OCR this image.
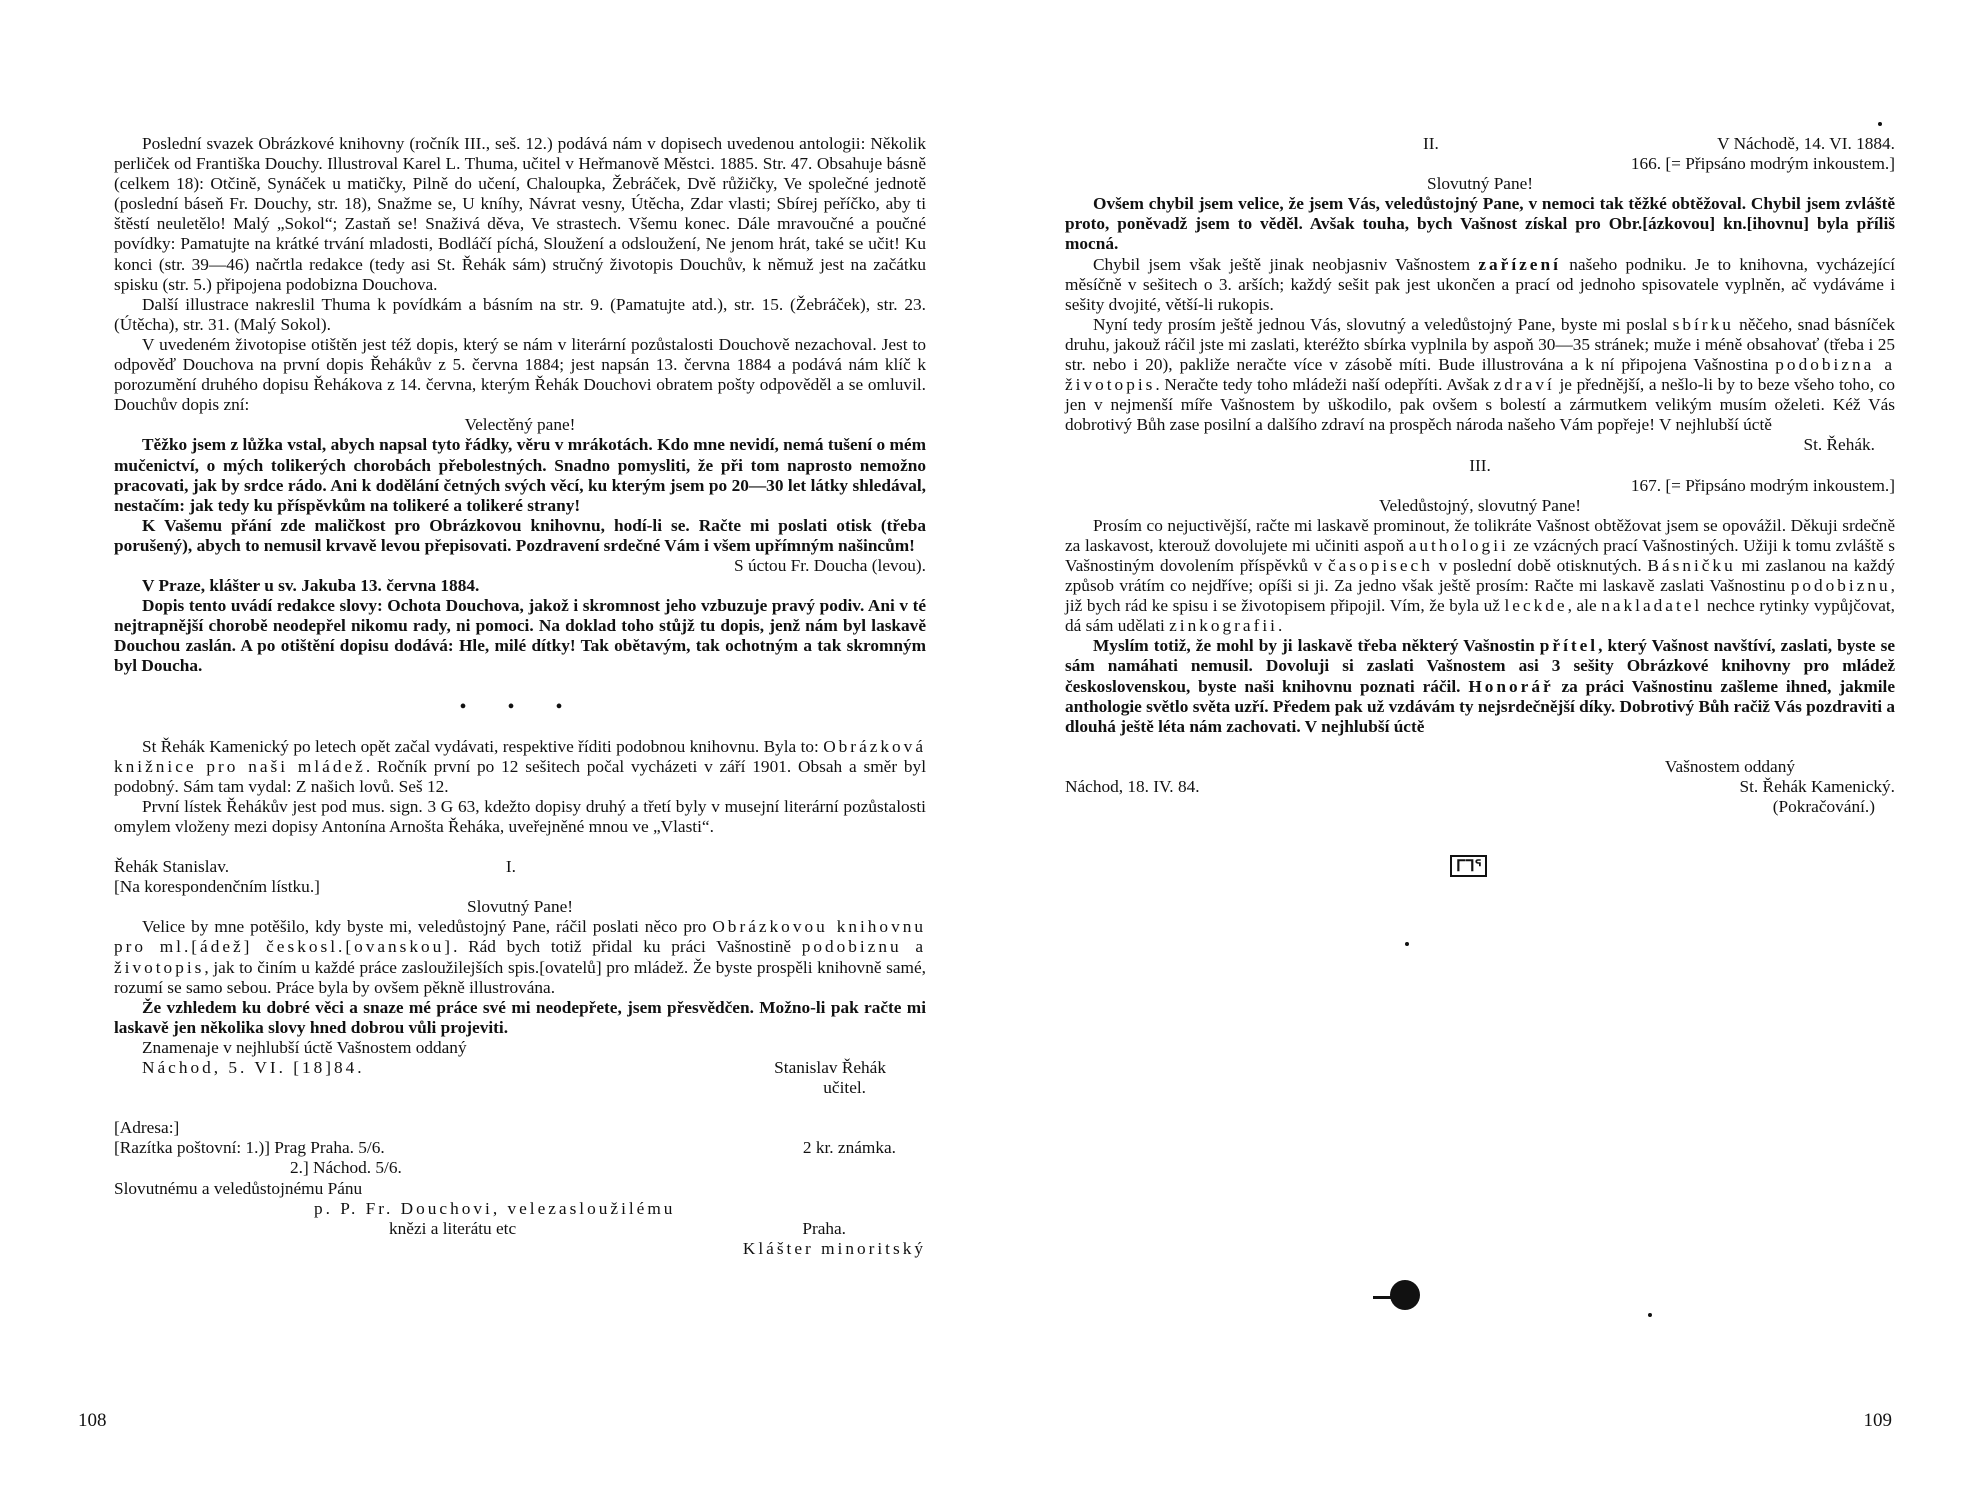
Poslední svazek Obrázkové knihovny (ročník III., seš. 12.) podává nám v dopisech uvedenou antologii: Několik perliček od Františka Douchy. Illustroval Karel L. Thuma, učitel v Heřmanově Městci. 1885. Str. 47. Obsahuje básně (celkem 18): Otčině, Synáček u matičky, Pilně do učení, Chaloupka, Žebráček, Dvě růžičky, Ve společné jednotě (poslední báseň Fr. Douchy, str. 18), Snažme se, U kníhy, Návrat vesny, Útěcha, Zdar vlasti; Sbírej peříčko, aby ti štěstí neuletělo! Malý „Sokol“; Zastaň se! Snaživá děva, Ve strastech. Všemu konec. Dále mravoučné a poučné povídky: Pamatujte na krátké trvání mladosti, Bodláčí píchá, Sloužení a odsloužení, Ne jenom hrát, také se učit! Ku konci (str. 39—46) načrtla redakce (tedy asi St. Řehák sám) stručný životopis Douchův, k němuž jest na začátku spisku (str. 5.) připojena podobizna Douchova.

Další illustrace nakreslil Thuma k povídkám a básním na str. 9. (Pamatujte atd.), str. 15. (Žebráček), str. 23. (Útěcha), str. 31. (Malý Sokol).

V uvedeném životopise otištěn jest též dopis, který se nám v literární pozůstalosti Douchově nezachoval. Jest to odpověď Douchova na první dopis Řehákův z 5. června 1884; jest napsán 13. června 1884 a podává nám klíč k porozumění druhého dopisu Řehákova z 14. června, kterým Řehák Douchovi obratem pošty odpověděl a se omluvil. Douchův dopis zní:

Velectěný pane!

Těžko jsem z lůžka vstal, abych napsal tyto řádky, věru v mrákotách. Kdo mne nevidí, nemá tušení o mém mučenictví, o mých tolikerých chorobách přebolestných. Snadno pomysliti, že při tom naprosto nemožno pracovati, jak by srdce rádo. Ani k dodělání četných svých věcí, ku kterým jsem po 20—30 let látky shledával, nestačím: jak tedy ku příspěvkům na tolikeré a tolikeré strany!

K Vašemu přání zde maličkost pro Obrázkovou knihovnu, hodí-li se. Račte mi poslati otisk (třeba porušený), abych to nemusil krvavě levou přepisovati. Pozdravení srdečné Vám i všem upřímným našincům!

S úctou Fr. Doucha (levou).

V Praze, klášter u sv. Jakuba 13. června 1884.

Dopis tento uvádí redakce slovy: Ochota Douchova, jakož i skromnost jeho vzbuzuje pravý podiv. Ani v té nejtrapnější chorobě neodepřel nikomu rady, ni pomoci. Na doklad toho stůjž tu dopis, jenž nám byl laskavě Douchou zaslán. A po otištění dopisu dodává: Hle, milé dítky! Tak obětavým, tak ochotným a tak skromným byl Doucha.

• • •

St Řehák Kamenický po letech opět začal vydávati, respektive říditi podobnou knihovnu. Byla to: Obrázková knižnice pro naši mládež. Ročník první po 12 sešitech počal vycházeti v září 1901. Obsah a směr byl podobný. Sám tam vydal: Z našich lovů. Seš 12.

První lístek Řehákův jest pod mus. sign. 3 G 63, kdežto dopisy druhý a třetí byly v musejní literární pozůstalosti omylem vloženy mezi dopisy Antonína Arnošta Řeháka, uveřejněné mnou ve „Vlasti“.

Řehák Stanislav.	I.

[Na korespondenčním lístku.]

Slovutný Pane!

Velice by mne potěšilo, kdy byste mi, veledůstojný Pane, ráčil poslati něco pro Obrázkovou knihovnu pro ml.[ádež] českosl.[ovanskou]. Rád bych totiž přidal ku práci Vašnostině podobiznu a životopis, jak to činím u každé práce zasloužilejších spis.[ovatelů] pro mládež. Že byste prospěli knihovně samé, rozumí se samo sebou. Práce byla by ovšem pěkně illustrována.

Že vzhledem ku dobré věci a snaze mé práce své mi neodepřete, jsem přesvědčen. Možno-li pak račte mi laskavě jen několika slovy hned dobrou vůli projeviti.

Znamenaje v nejhlubší úctě Vašnostem oddaný

Náchod, 5. VI. [18]84.	Stanislav Řehák

učitel.

[Adresa:]

[Razítka poštovní: 1.)] Prag Praha. 5/6.	2 kr. známka.

2.] Náchod. 5/6.

Slovutnému a veledůstojnému Pánu

p. P. Fr. Douchovi, velezasloužilému

knězi a literátu etc	Praha.

Klášter minoritský

108
II.	V Náchodě, 14. VI. 1884.

166. [= Připsáno modrým inkoustem.]

Slovutný Pane!

Ovšem chybil jsem velice, že jsem Vás, veledůstojný Pane, v nemoci tak těžké obtěžoval. Chybil jsem zvláště proto, poněvadž jsem to věděl. Avšak touha, bych Vašnost získal pro Obr.[ázkovou] kn.[ihovnu] byla příliš mocná.

Chybil jsem však ještě jinak neobjasniv Vašnostem zařízení našeho podniku. Je to knihovna, vycházející měsíčně v sešitech o 3. arších; každý sešit pak jest ukončen a prací od jednoho spisovatele vyplněn, ač vydáváme i sešity dvojité, větší-li rukopis.

Nyní tedy prosím ještě jednou Vás, slovutný a veledůstojný Pane, byste mi poslal sbírku něčeho, snad básníček druhu, jakouž ráčil jste mi zaslati, kteréžto sbírka vyplnila by aspoň 30—35 stránek; muže i méně obsahovať (třeba i 25 str. nebo i 20), pakliže neračte více v zásobě míti. Bude illustrována a k ní připojena Vašnostina podobizna a životopis. Neračte tedy toho mládeži naší odepříti. Avšak zdraví je přednější, a nešlo-li by to beze všeho toho, co jen v nejmenší míře Vašnostem by uškodilo, pak ovšem s bolestí a zármutkem velikým musím oželeti. Kéž Vás dobrotivý Bůh zase posilní a dalšího zdraví na prospěch národa našeho Vám popřeje! V nejhlubší úctě

St. Řehák.

III.

167. [= Připsáno modrým inkoustem.]

Veledůstojný, slovutný Pane!

Prosím co nejuctivější, račte mi laskavě prominout, že tolikráte Vašnost obtěžovat jsem se opovážil. Děkuji srdečně za laskavost, kterouž dovolujete mi učiniti aspoň authologii ze vzácných prací Vašnostiných. Užiji k tomu zvláště s Vašnostiným dovolením příspěvků v časopisech v poslední době otisknutých. Básničku mi zaslanou na každý způsob vrátím co nejdříve; opíši si ji. Za jedno však ještě prosím: Račte mi laskavě zaslati Vašnostinu podobiznu, již bych rád ke spisu i se životopisem připojil. Vím, že byla už leckde, ale nakladatel nechce rytinky vypůjčovat, dá sám udělati zinkografii.

Myslím totiž, že mohl by ji laskavě třeba některý Vašnostin přítel, který Vašnost navštíví, zaslati, byste se sám namáhati nemusil. Dovoluji si zaslati Vašnostem asi 3 sešity Obrázkové knihovny pro mládež československou, byste naši knihovnu poznati ráčil. Honorář za práci Vašnostinu zašleme ihned, jakmile anthologie světlo světa uzří. Předem pak už vzdávám ty nejsrdečnější díky. Dobrotivý Bůh račiž Vás pozdraviti a dlouhá ještě léta nám zachovati. V nejhlubší úctě

Vašnostem oddaný

Náchod, 18. IV. 84.	St. Řehák Kamenický.

(Pokračování.)

ᒥᒣᕐ
109
